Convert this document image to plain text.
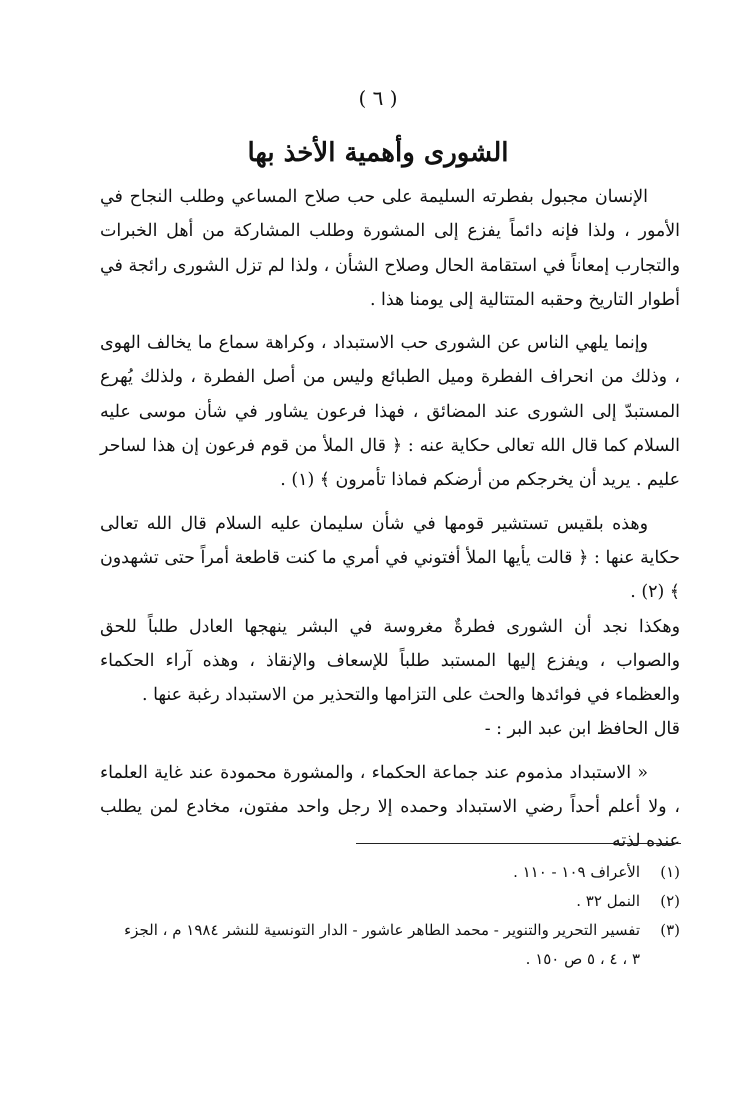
( ٦ )
الشورى وأهمية الأخذ بها

الإنسان مجبول بفطرته السليمة على حب صلاح المساعي وطلب النجاح في الأمور ، ولذا فإنه دائماً يفزع إلى المشورة وطلب المشاركة من أهل الخبرات والتجارب إمعاناً في استقامة الحال وصلاح الشأن ، ولذا لم تزل الشورى رائجة في أطوار التاريخ وحقبه المتتالية إلى يومنا هذا .

وإنما يلهي الناس عن الشورى حب الاستبداد ، وكراهة سماع ما يخالف الهوى ، وذلك من انحراف الفطرة وميل الطبائع وليس من أصل الفطرة ، ولذلك يُهرع المستبدّ إلى الشورى عند المضائق ، فهذا فرعون يشاور في شأن موسى عليه السلام كما قال الله تعالى حكاية عنه : ﴿ قال الملأ من قوم فرعون إن هذا لساحر عليم . يريد أن يخرجكم من أرضكم فماذا تأمرون ﴾ (١) .

وهذه بلقيس تستشير قومها في شأن سليمان عليه السلام قال الله تعالى حكاية عنها : ﴿ قالت يأيها الملأ أفتوني في أمري ما كنت قاطعة أمراً حتى تشهدون ﴾ (٢) .

وهكذا نجد أن الشورى فطرةٌ مغروسة في البشر ينهجها العادل طلباً للحق والصواب ، ويفزع إليها المستبد طلباً للإسعاف والإنقاذ ، وهذه آراء الحكماء والعظماء في فوائدها والحث على التزامها والتحذير من الاستبداد رغبة عنها .

قال الحافظ ابن عبد البر : -

« الاستبداد مذموم عند جماعة الحكماء ، والمشورة محمودة عند غاية العلماء ، ولا أعلم أحداً رضي الاستبداد وحمده إلا رجل واحد مفتون، مخادع لمن يطلب عنده لذته

(١)
الأعراف ١٠٩ - ١١٠ .
(٢)
النمل ٣٢ .
(٣)
تفسير التحرير والتنوير - محمد الطاهر عاشور - الدار التونسية للنشر ١٩٨٤ م ، الجزء
٣ ، ٤ ، ٥ ص ١٥٠ .
